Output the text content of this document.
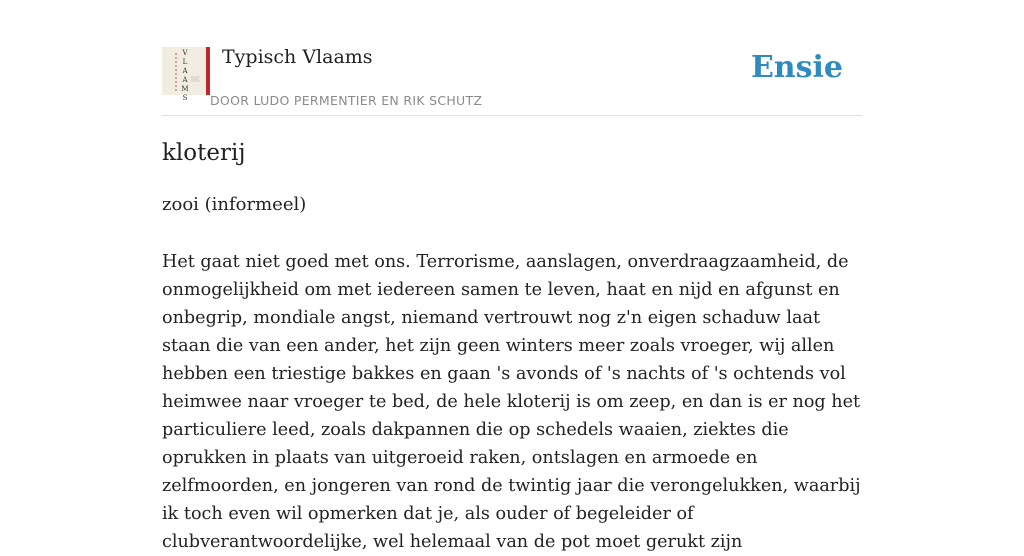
V
L
A
A
M
S
Typisch Vlaams
DOOR LUDO PERMENTIER EN RIK SCHUTZ
Ensie
kloterij
zooi (informeel)

Het gaat niet goed met ons. Terrorisme, aanslagen, onverdraagzaamheid, de onmogelijkheid om met iedereen samen te leven, haat en nijd en afgunst en onbegrip, mondiale angst, niemand vertrouwt nog z'n eigen schaduw laat staan die van een ander, het zijn geen winters meer zoals vroeger, wij allen hebben een triestige bakkes en gaan 's avonds of 's nachts of 's ochtends vol heimwee naar vroeger te bed, de hele kloterij is om zeep, en dan is er nog het particuliere leed, zoals dakpannen die op schedels waaien, ziektes die oprukken in plaats van uitgeroeid raken, ontslagen en armoede en zelfmoorden, en jongeren van rond de twintig jaar die verongelukken, waarbij ik toch even wil opmerken dat je, als ouder of begeleider of clubverantwoordelijke, wel helemaal van de pot moet gerukt zijn
